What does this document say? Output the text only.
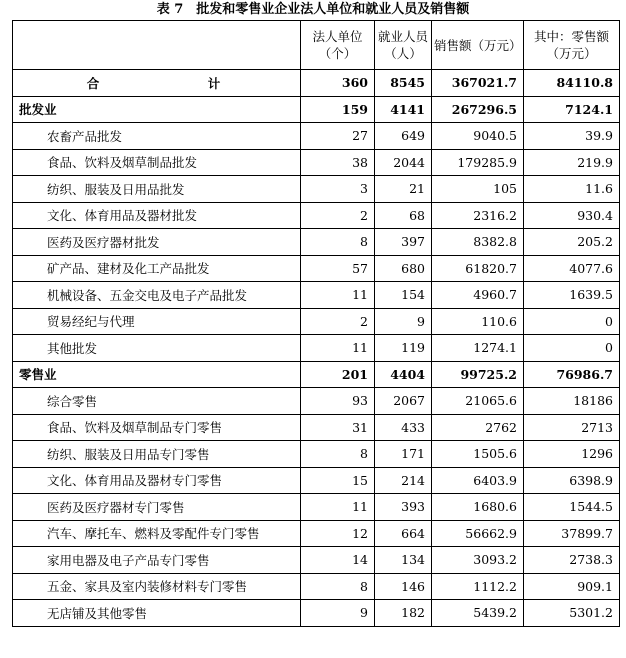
表 7　批发和零售业企业法人单位和就业人员及销售额
	法人单位（个）	就业人员（人）	销售额（万元）	其中：零售额（万元）
合　计	360	8545	367021.7	84110.8
批发业	159	4141	267296.5	7124.1
农畜产品批发	27	649	9040.5	39.9
食品、饮料及烟草制品批发	38	2044	179285.9	219.9
纺织、服装及日用品批发	3	21	105	11.6
文化、体育用品及器材批发	2	68	2316.2	930.4
医药及医疗器材批发	8	397	8382.8	205.2
矿产品、建材及化工产品批发	57	680	61820.7	4077.6
机械设备、五金交电及电子产品批发	11	154	4960.7	1639.5
贸易经纪与代理	2	9	110.6	0
其他批发	11	119	1274.1	0
零售业	201	4404	99725.2	76986.7
综合零售	93	2067	21065.6	18186
食品、饮料及烟草制品专门零售	31	433	2762	2713
纺织、服装及日用品专门零售	8	171	1505.6	1296
文化、体育用品及器材专门零售	15	214	6403.9	6398.9
医药及医疗器材专门零售	11	393	1680.6	1544.5
汽车、摩托车、燃料及零配件专门零售	12	664	56662.9	37899.7
家用电器及电子产品专门零售	14	134	3093.2	2738.3
五金、家具及室内装修材料专门零售	8	146	1112.2	909.1
无店铺及其他零售	9	182	5439.2	5301.2
